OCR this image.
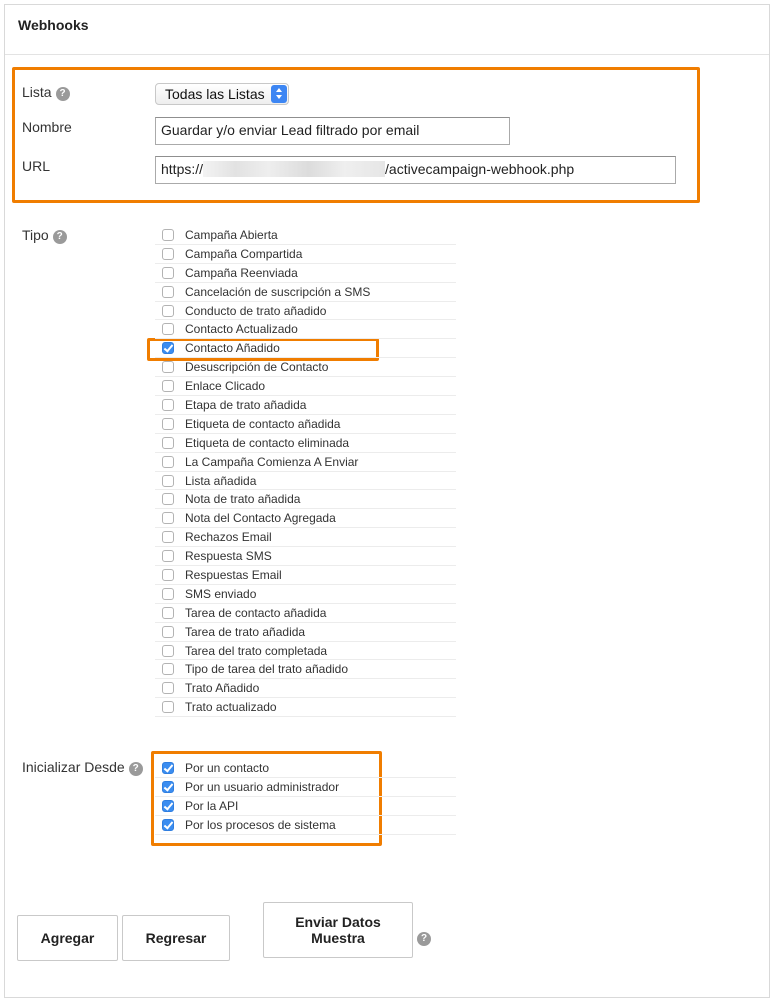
Webhooks
Lista ?	Todas las Listas
Nombre	Guardar y/o enviar Lead filtrado por email
URL	https://	/activecampaign-webhook.php
Tipo ?	Campaña Abierta
Campaña Compartida
Campaña Reenviada
Cancelación de suscripción a SMS
Conducto de trato añadido
Contacto Actualizado
Contacto Añadido
Desuscripción de Contacto
Enlace Clicado
Etapa de trato añadida
Etiqueta de contacto añadida
Etiqueta de contacto eliminada
La Campaña Comienza A Enviar
Lista añadida
Nota de trato añadida
Nota del Contacto Agregada
Rechazos Email
Respuesta SMS
Respuestas Email
SMS enviado
Tarea de contacto añadida
Tarea de trato añadida
Tarea del trato completada
Tipo de tarea del trato añadido
Trato Añadido
Trato actualizado
Inicializar Desde ?	Por un contacto
Por un usuario administrador
Por la API
Por los procesos de sistema
Agregar	Regresar
Enviar Datos
Muestra	?
